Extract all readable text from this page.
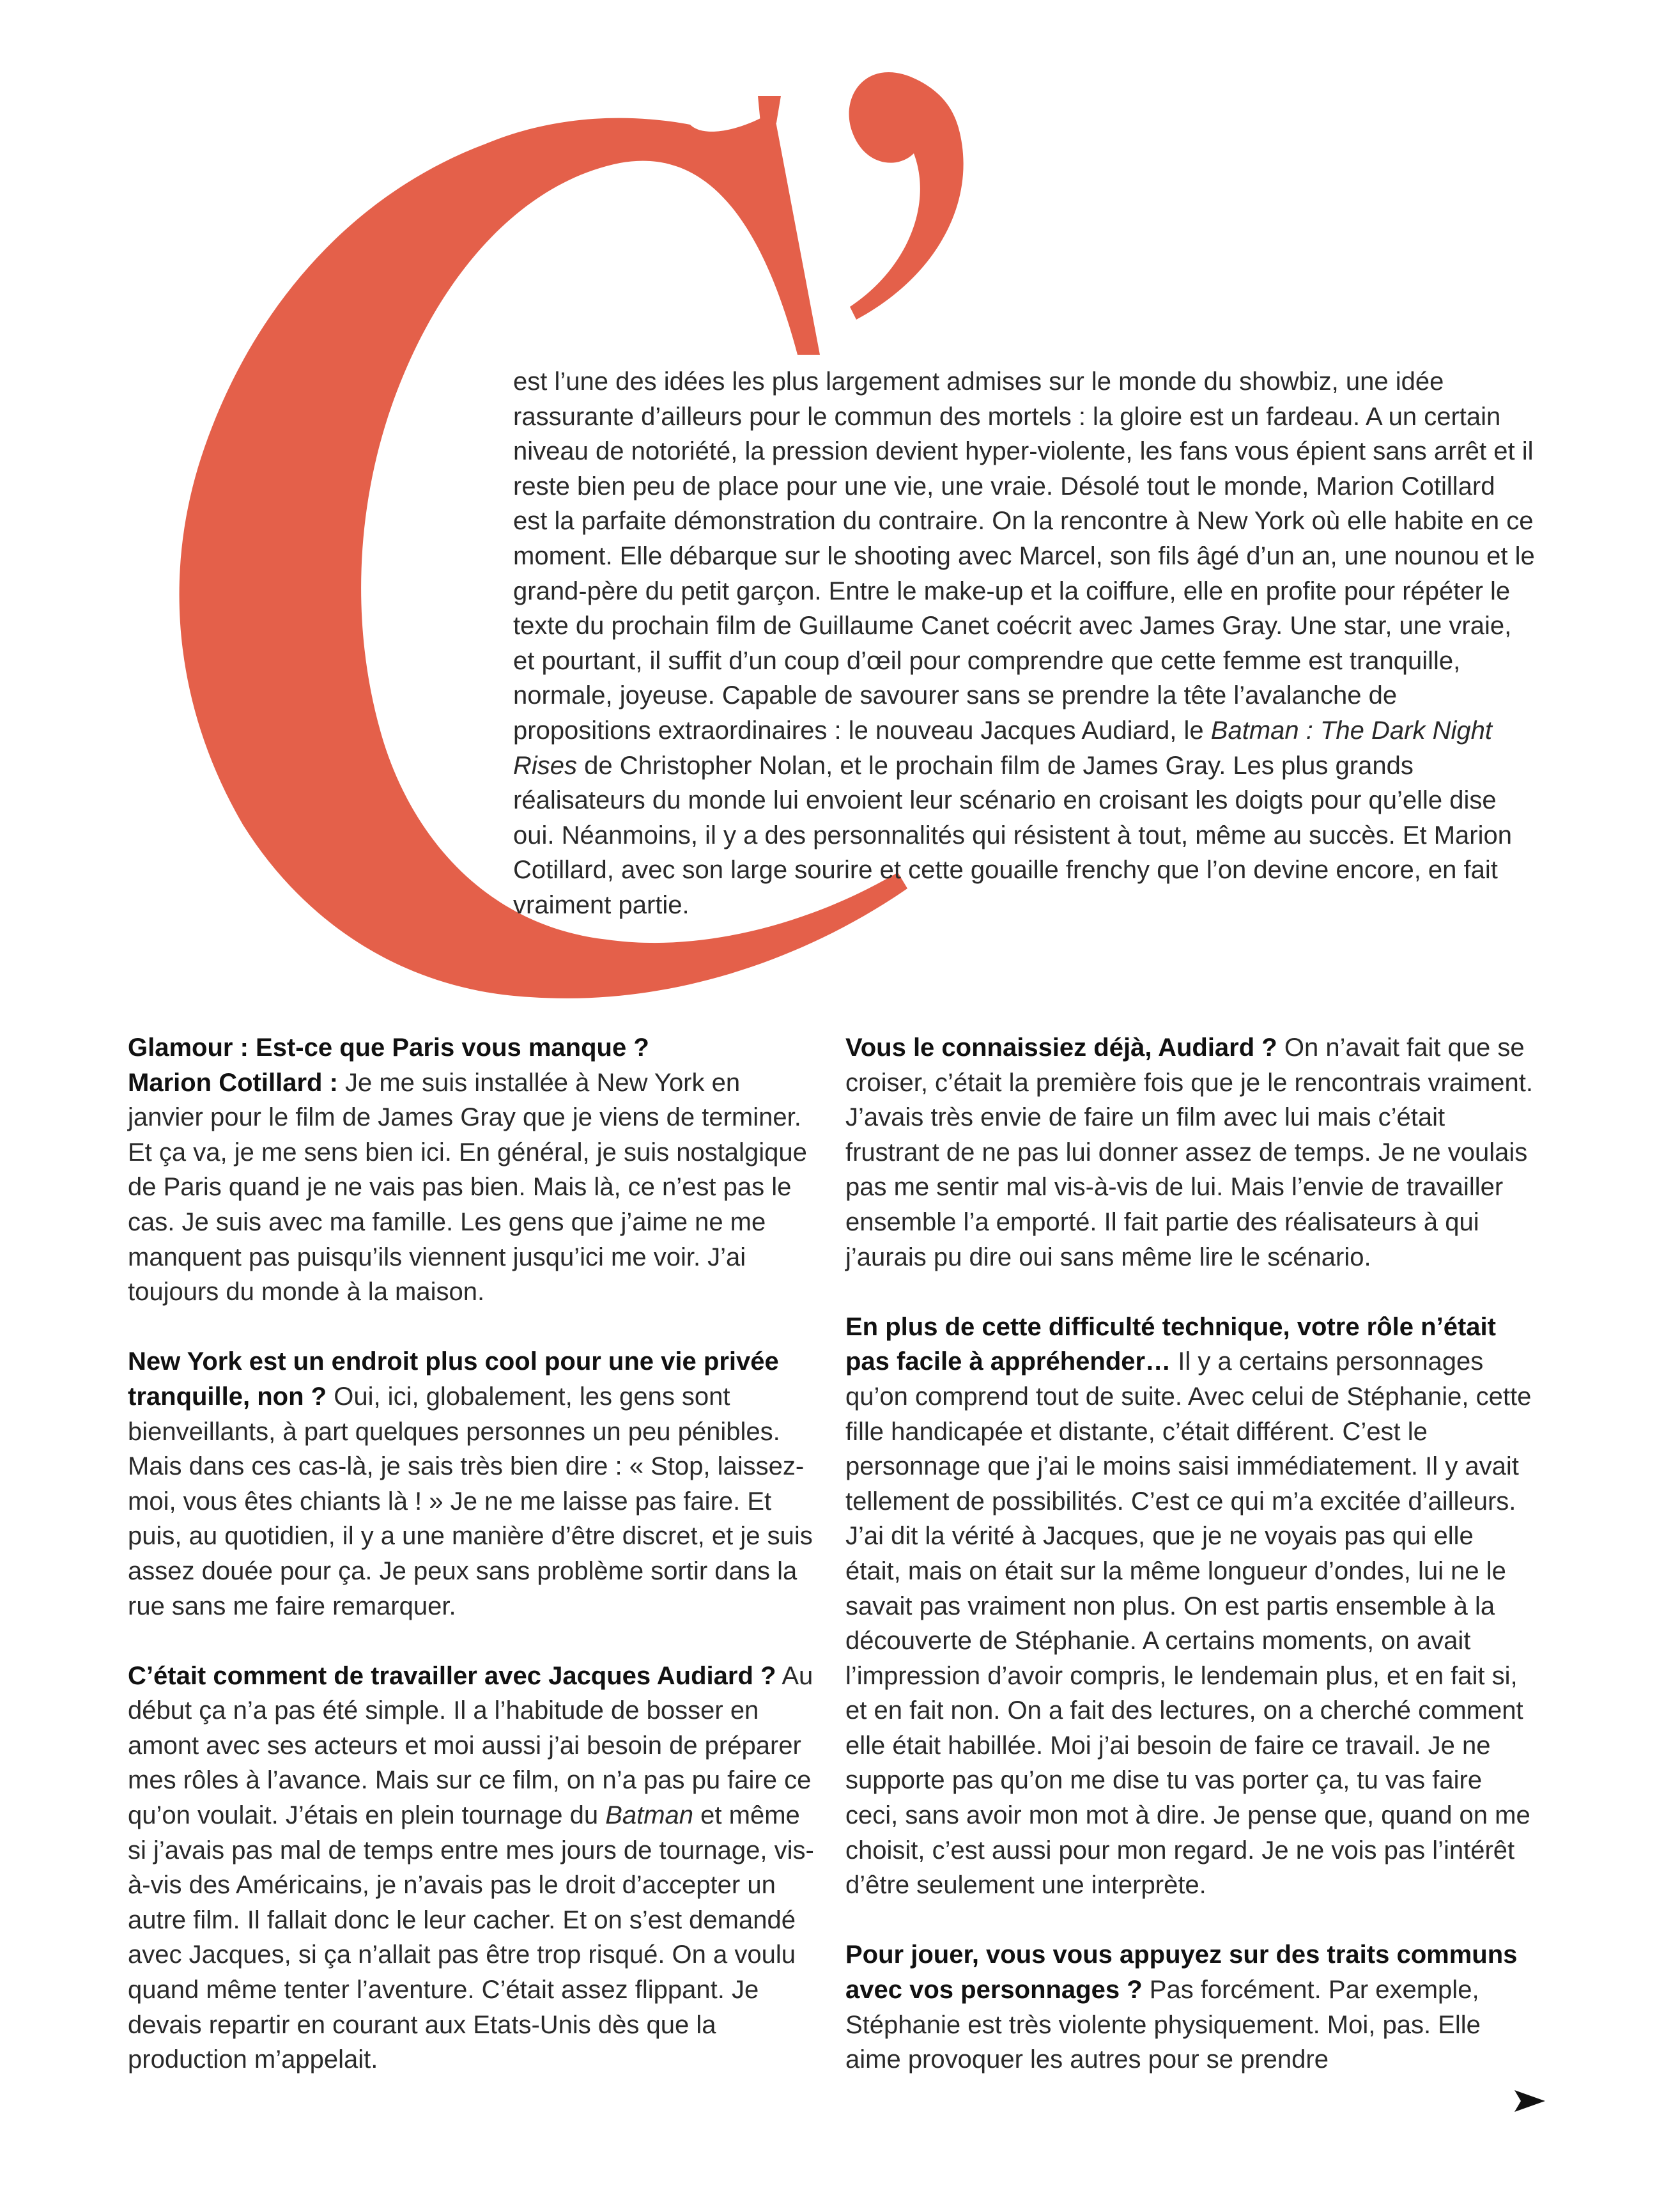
est l’une des idées les plus largement admises sur le monde du showbiz, une idée rassurante d’ailleurs pour le commun des mortels : la gloire est un fardeau. A un certain niveau de notoriété, la pression devient hyper-violente, les fans vous épient sans arrêt et il reste bien peu de place pour une vie, une vraie. Désolé tout le monde, Marion Cotillard est la parfaite démonstration du contraire. On la rencontre à New York où elle habite en ce moment. Elle débarque sur le shooting avec Marcel, son fils âgé d’un an, une nounou et le grand-père du petit garçon. Entre le make-up et la coiffure, elle en profite pour répéter le texte du prochain film de Guillaume Canet coécrit avec James Gray. Une star, une vraie, et pourtant, il suffit d’un coup d’œil pour comprendre que cette femme est tranquille, normale, joyeuse. Capable de savourer sans se prendre la tête l’avalanche de propositions extraordinaires : le nouveau Jacques Audiard, le Batman : The Dark Night Rises de Christopher Nolan, et le prochain film de James Gray. Les plus grands réalisateurs du monde lui envoient leur scénario en croisant les doigts pour qu’elle dise oui. Néanmoins, il y a des personnalités qui résistent à tout, même au succès. Et Marion Cotillard, avec son large sourire et cette gouaille frenchy que l’on devine encore, en fait vraiment partie.

Glamour : Est-ce que Paris vous manque ?
Marion Cotillard : Je me suis installée à New York en janvier pour le film de James Gray que je viens de terminer. Et ça va, je me sens bien ici. En général, je suis nostalgique de Paris quand je ne vais pas bien. Mais là, ce n’est pas le cas. Je suis avec ma famille. Les gens que j’aime ne me manquent pas puisqu’ils viennent jusqu’ici me voir. J’ai toujours du monde à la maison.

New York est un endroit plus cool pour une vie privée tranquille, non ? Oui, ici, globalement, les gens sont bienveillants, à part quelques personnes un peu pénibles. Mais dans ces cas-là, je sais très bien dire : « Stop, laissez-moi, vous êtes chiants là ! » Je ne me laisse pas faire. Et puis, au quotidien, il y a une manière d’être discret, et je suis assez douée pour ça. Je peux sans problème sortir dans la rue sans me faire remarquer.

C’était comment de travailler avec Jacques Audiard ? Au début ça n’a pas été simple. Il a l’habitude de bosser en amont avec ses acteurs et moi aussi j’ai besoin de préparer mes rôles à l’avance. Mais sur ce film, on n’a pas pu faire ce qu’on voulait. J’étais en plein tournage du Batman et même si j’avais pas mal de temps entre mes jours de tournage, vis-à-vis des Américains, je n’avais pas le droit d’accepter un autre film. Il fallait donc le leur cacher. Et on s’est demandé avec Jacques, si ça n’allait pas être trop risqué. On a voulu quand même tenter l’aventure. C’était assez flippant. Je devais repartir en courant aux Etats-Unis dès que la production m’appelait.

Vous le connaissiez déjà, Audiard ? On n’avait fait que se croiser, c’était la première fois que je le rencontrais vraiment. J’avais très envie de faire un film avec lui mais c’était frustrant de ne pas lui donner assez de temps. Je ne voulais pas me sentir mal vis-à-vis de lui. Mais l’envie de travailler ensemble l’a emporté. Il fait partie des réalisateurs à qui j’aurais pu dire oui sans même lire le scénario.

En plus de cette difficulté technique, votre rôle n’était pas facile à appréhender… Il y a certains personnages qu’on comprend tout de suite. Avec celui de Stéphanie, cette fille handicapée et distante, c’était différent. C’est le personnage que j’ai le moins saisi immédiatement. Il y avait tellement de possibilités. C’est ce qui m’a excitée d’ailleurs. J’ai dit la vérité à Jacques, que je ne voyais pas qui elle était, mais on était sur la même longueur d’ondes, lui ne le savait pas vraiment non plus. On est partis ensemble à la découverte de Stéphanie. A certains moments, on avait l’impression d’avoir compris, le lendemain plus, et en fait si, et en fait non. On a fait des lectures, on a cherché comment elle était habillée. Moi j’ai besoin de faire ce travail. Je ne supporte pas qu’on me dise tu vas porter ça, tu vas faire ceci, sans avoir mon mot à dire. Je pense que, quand on me choisit, c’est aussi pour mon regard. Je ne vois pas l’intérêt d’être seulement une interprète.

Pour jouer, vous vous appuyez sur des traits communs avec vos personnages ? Pas forcément. Par exemple, Stéphanie est très violente physiquement. Moi, pas. Elle aime provoquer les autres pour se prendre
